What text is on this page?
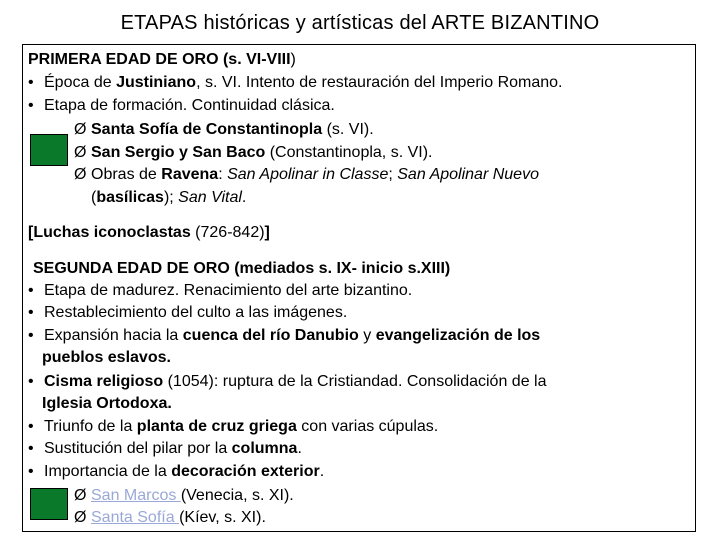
ETAPAS históricas y artísticas del ARTE BIZANTINO
PRIMERA EDAD DE ORO (s. VI-VIII)
• Época de Justiniano, s. VI. Intento de restauración del Imperio Romano.
• Etapa de formación. Continuidad clásica.
Ø Santa Sofía de Constantinopla (s. VI).
Ø San Sergio y San Baco (Constantinopla, s. VI).
Ø Obras de Ravena: San Apolinar in Classe; San Apolinar Nuevo
(basílicas); San Vital.
[Luchas iconoclastas (726-842)]
SEGUNDA EDAD DE ORO (mediados s. IX- inicio s.XIII)
• Etapa de madurez. Renacimiento del arte bizantino.
• Restablecimiento del culto a las imágenes.
• Expansión hacia la cuenca del río Danubio y evangelización de los
pueblos eslavos.
• Cisma religioso (1054): ruptura de la Cristiandad. Consolidación de la
Iglesia Ortodoxa.
• Triunfo de la planta de cruz griega con varias cúpulas.
• Sustitución del pilar por la columna.
• Importancia de la decoración exterior.
Ø San Marcos (Venecia, s. XI).
Ø Santa Sofía (Kíev, s. XI).
